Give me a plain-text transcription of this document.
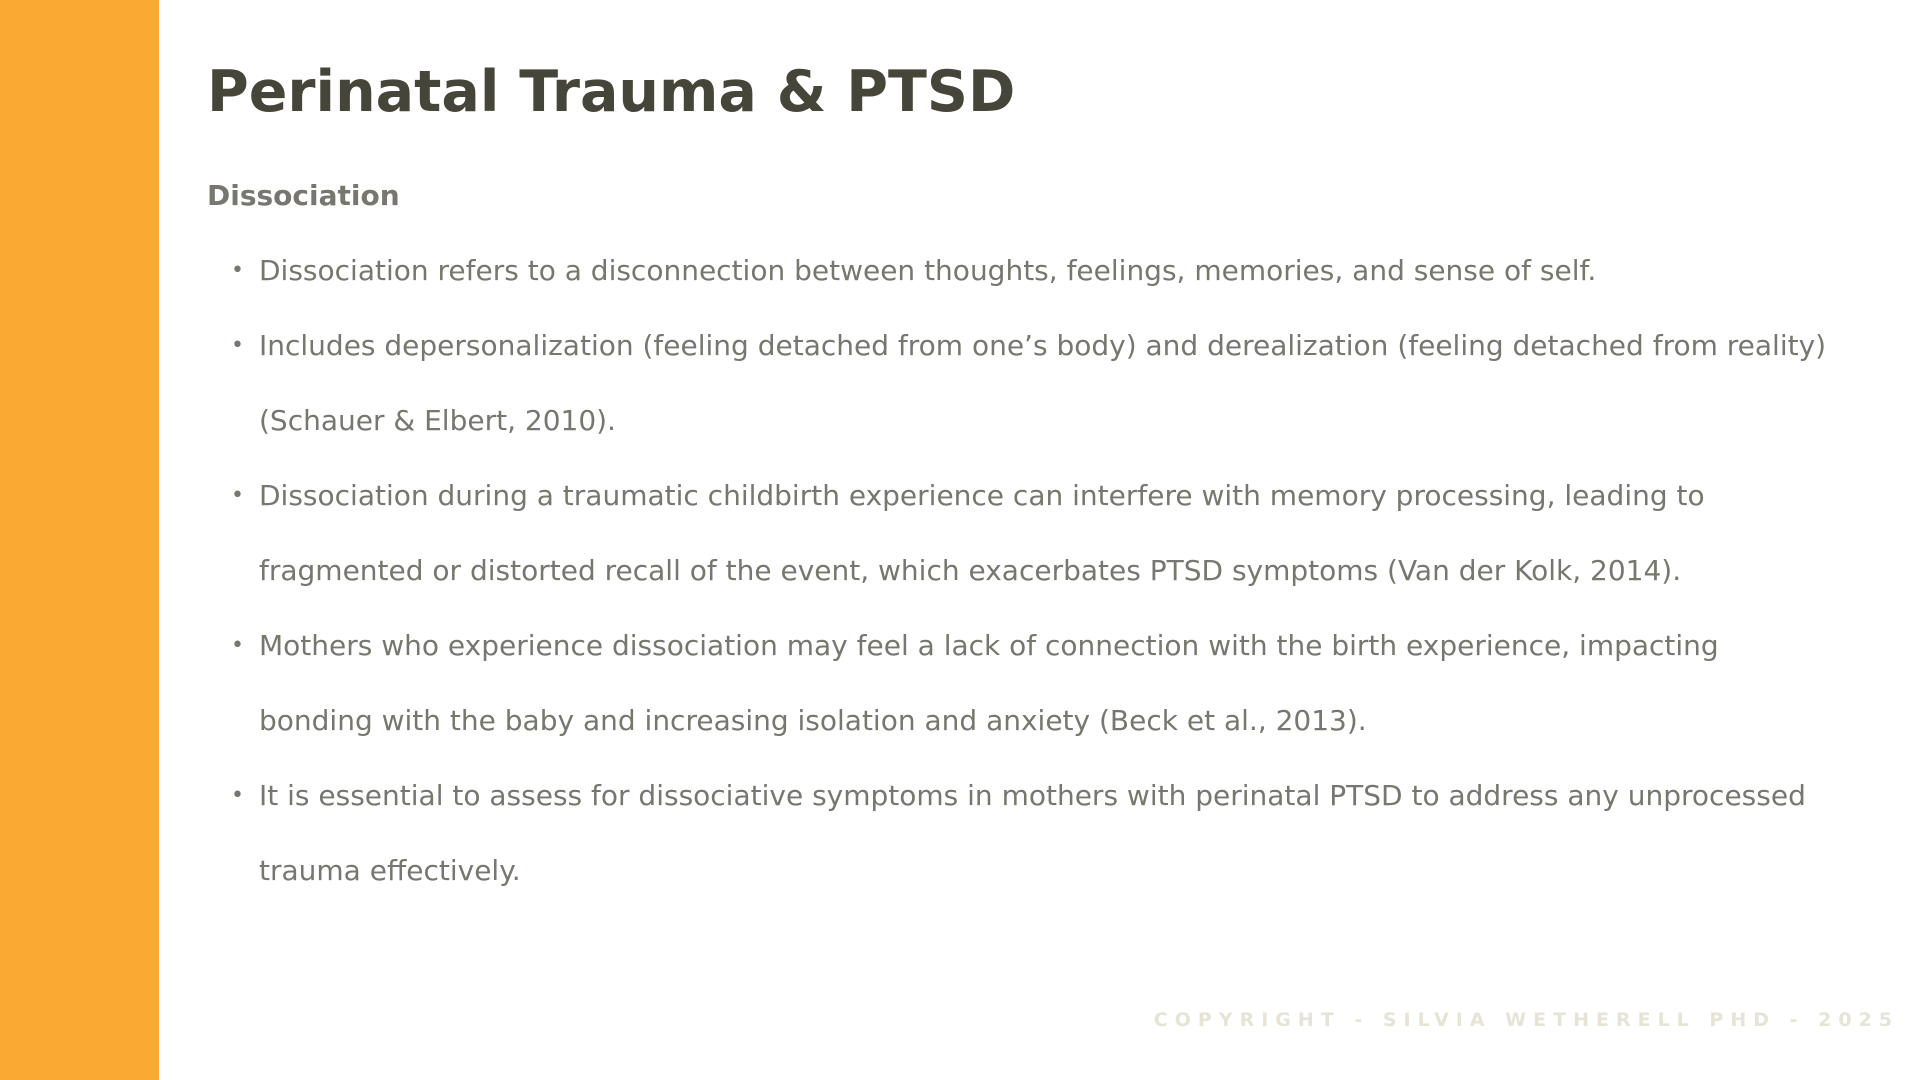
Perinatal Trauma & PTSD
Dissociation
• Dissociation refers to a disconnection between thoughts, feelings, memories, and sense of self.
• Includes depersonalization (feeling detached from one’s body) and derealization (feeling detached from reality) (Schauer & Elbert, 2010).
• Dissociation during a traumatic childbirth experience can interfere with memory processing, leading to fragmented or distorted recall of the event, which exacerbates PTSD symptoms (Van der Kolk, 2014).
• Mothers who experience dissociation may feel a lack of connection with the birth experience, impacting bonding with the baby and increasing isolation and anxiety (Beck et al., 2013).
• It is essential to assess for dissociative symptoms in mothers with perinatal PTSD to address any unprocessed trauma effectively.
COPYRIGHT - SILVIA WETHERELL PHD - 2025
